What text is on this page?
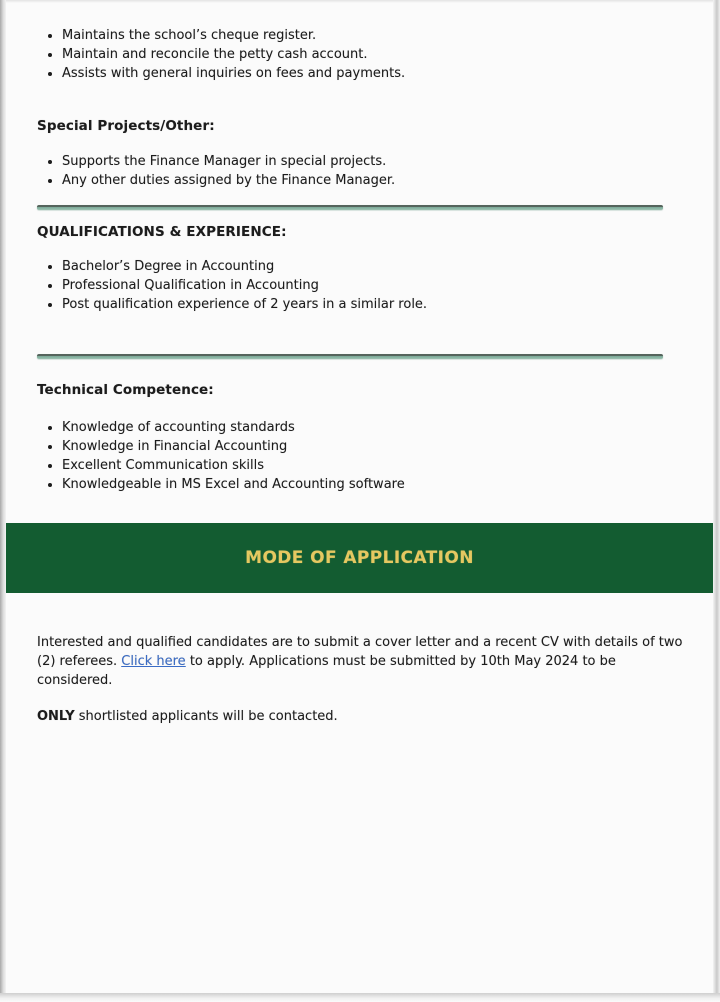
Maintains the school’s cheque register.
Maintain and reconcile the petty cash account.
Assists with general inquiries on fees and payments.
Special Projects/Other:
Supports the Finance Manager in special projects.
Any other duties assigned by the Finance Manager.
QUALIFICATIONS & EXPERIENCE:
Bachelor’s Degree in Accounting
Professional Qualification in Accounting
Post qualification experience of 2 years in a similar role.
Technical Competence:
Knowledge of accounting standards
Knowledge in Financial Accounting
Excellent Communication skills
Knowledgeable in MS Excel and Accounting software
MODE OF APPLICATION

Interested and qualified candidates are to submit a cover letter and a recent CV with details of two (2) referees. Click here to apply. Applications must be submitted by 10th May 2024 to be considered.

ONLY shortlisted applicants will be contacted.
